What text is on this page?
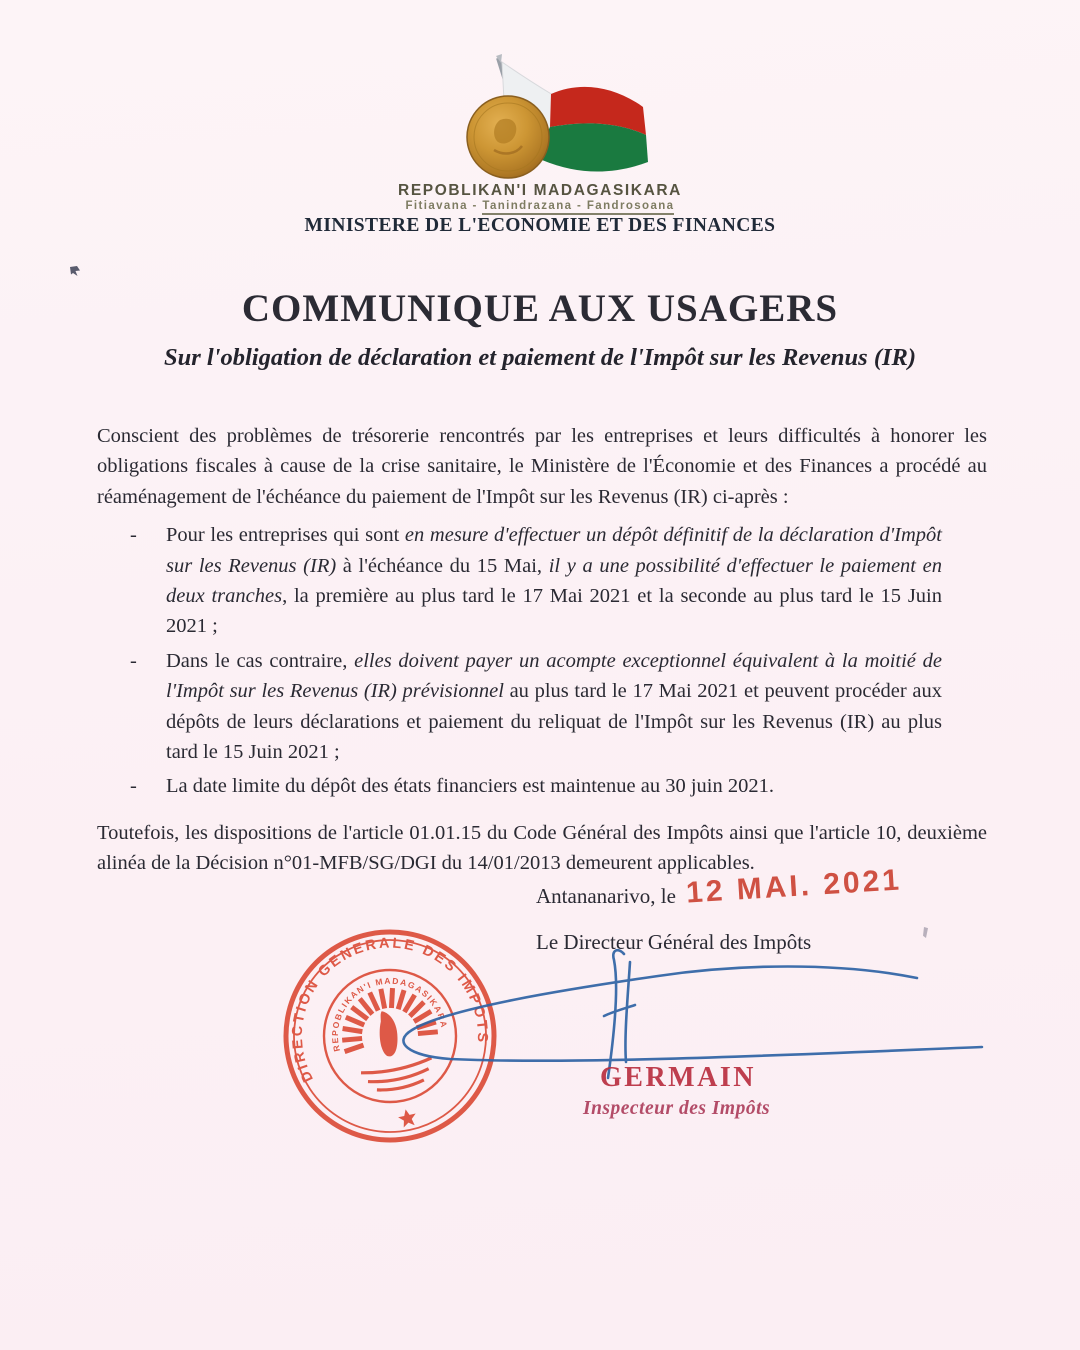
REPOBLIKAN'I MADAGASIKARA
Fitiavana - Tanindrazana - Fandrosoana
MINISTERE DE L'ECONOMIE ET DES FINANCES
COMMUNIQUE AUX USAGERS
Sur l'obligation de déclaration et paiement de l'Impôt sur les Revenus (IR)

Conscient des problèmes de trésorerie rencontrés par les entreprises et leurs difficultés à honorer les obligations fiscales à cause de la crise sanitaire, le Ministère de l'Économie et des Finances a procédé au réaménagement de l'échéance du paiement de l'Impôt sur les Revenus (IR) ci-après :

- Pour les entreprises qui sont en mesure d'effectuer un dépôt définitif de la déclaration d'Impôt sur les Revenus (IR) à l'échéance du 15 Mai, il y a une possibilité d'effectuer le paiement en deux tranches, la première au plus tard le 17 Mai 2021 et la seconde au plus tard le 15 Juin 2021 ;
- Dans le cas contraire, elles doivent payer un acompte exceptionnel équivalent à la moitié de l'Impôt sur les Revenus (IR) prévisionnel au plus tard le 17 Mai 2021 et peuvent procéder aux dépôts de leurs déclarations et paiement du reliquat de l'Impôt sur les Revenus (IR) au plus tard le 15 Juin 2021 ;
- La date limite du dépôt des états financiers est maintenue au 30 juin 2021.

Toutefois, les dispositions de l'article 01.01.15 du Code Général des Impôts ainsi que l'article 10, deuxième alinéa de la Décision n°01-MFB/SG/DGI du 14/01/2013 demeurent applicables.

Antananarivo, le 12 MAI. 2021
Le Directeur Général des Impôts
DIRECTION GENERALE DES IMPOTS
REPOBLIKAN'I MADAGASIKARA
GERMAIN
Inspecteur des Impôts
